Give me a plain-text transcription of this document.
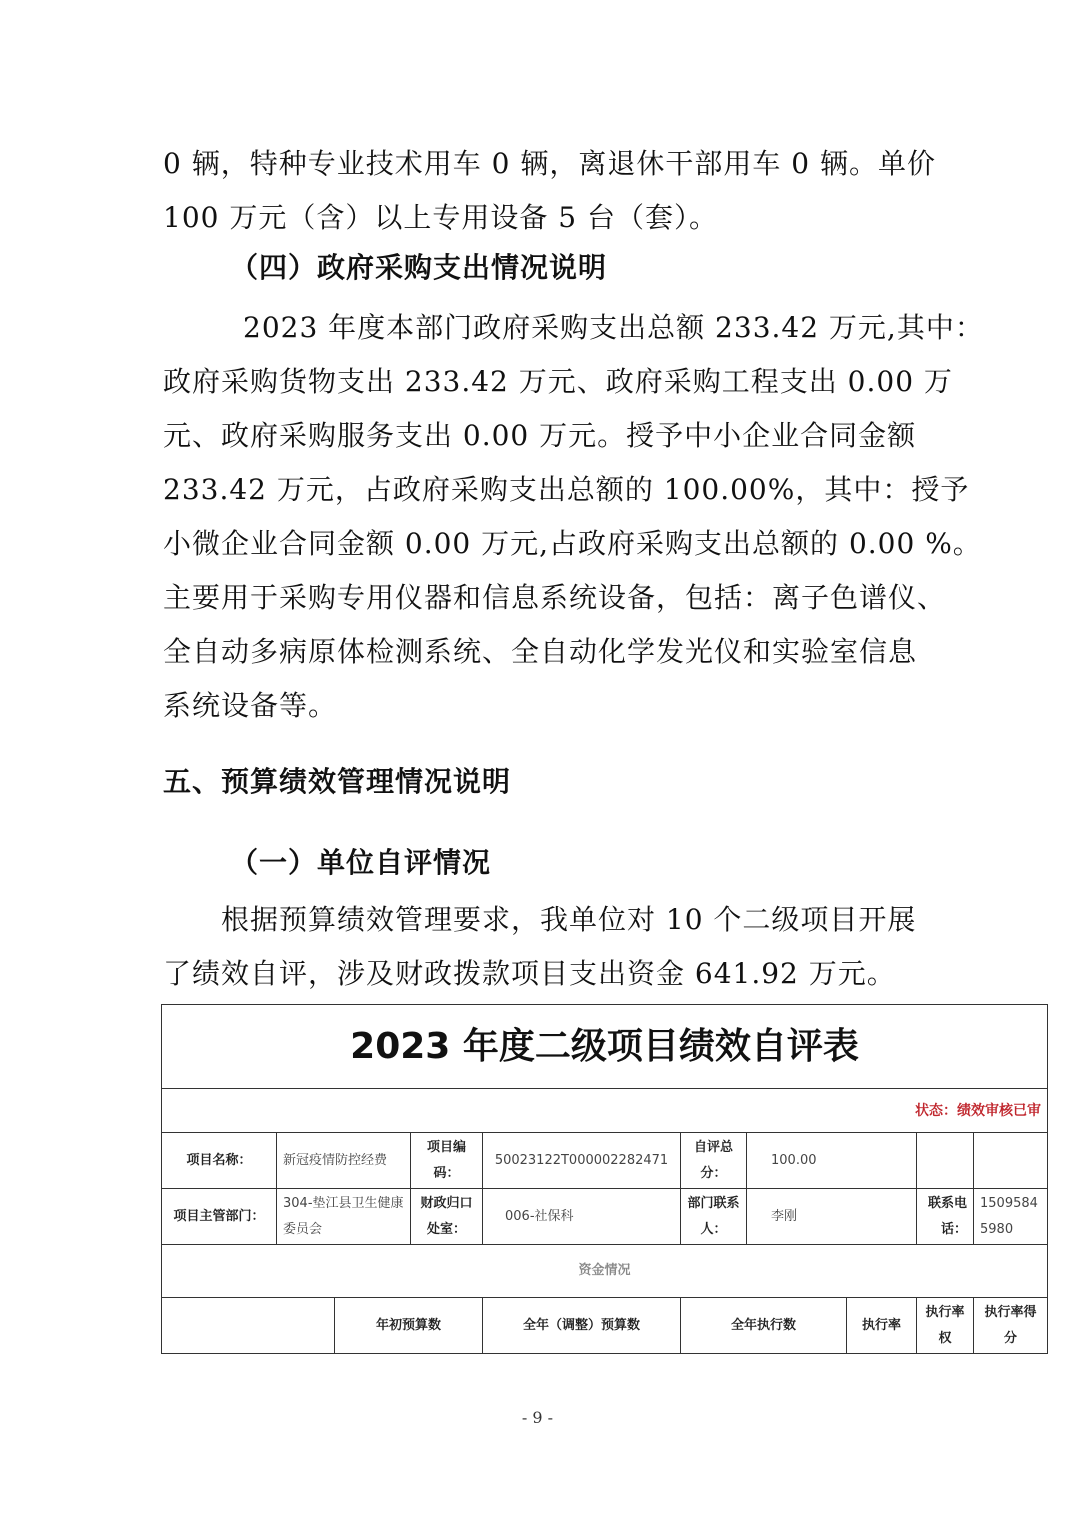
0 辆，特种专业技术用车 0 辆，离退休干部用车 0 辆。单价
100 万元（含）以上专用设备 5 台（套）。
（四）政府采购支出情况说明
2023 年度本部门政府采购支出总额 233.42 万元,其中：
政府采购货物支出 233.42 万元、政府采购工程支出 0.00 万
元、政府采购服务支出 0.00 万元。授予中小企业合同金额
233.42 万元，占政府采购支出总额的 100.00%，其中：授予
小微企业合同金额 0.00 万元,占政府采购支出总额的 0.00 %。
主要用于采购专用仪器和信息系统设备，包括：离子色谱仪、
全自动多病原体检测系统、全自动化学发光仪和实验室信息
系统设备等。
五、预算绩效管理情况说明
（一）单位自评情况
根据预算绩效管理要求，我单位对 10 个二级项目开展
了绩效自评，涉及财政拨款项目支出资金 641.92 万元。
2023 年度二级项目绩效自评表									
状态：绩效审核已审									
项目名称：	新冠疫情防控经费		项目编码：	50023122T000002282471	自评总分：	100.00			
项目主管部门：	304-垫江县卫生健康委员会		财政归口处室：	006-社保科	部门联系人：	李刚		联系电话：	15095845980
资金情况									
		年初预算数		全年（调整）预算数	全年执行数		执行率	执行率权	执行率得分
- 9 -
